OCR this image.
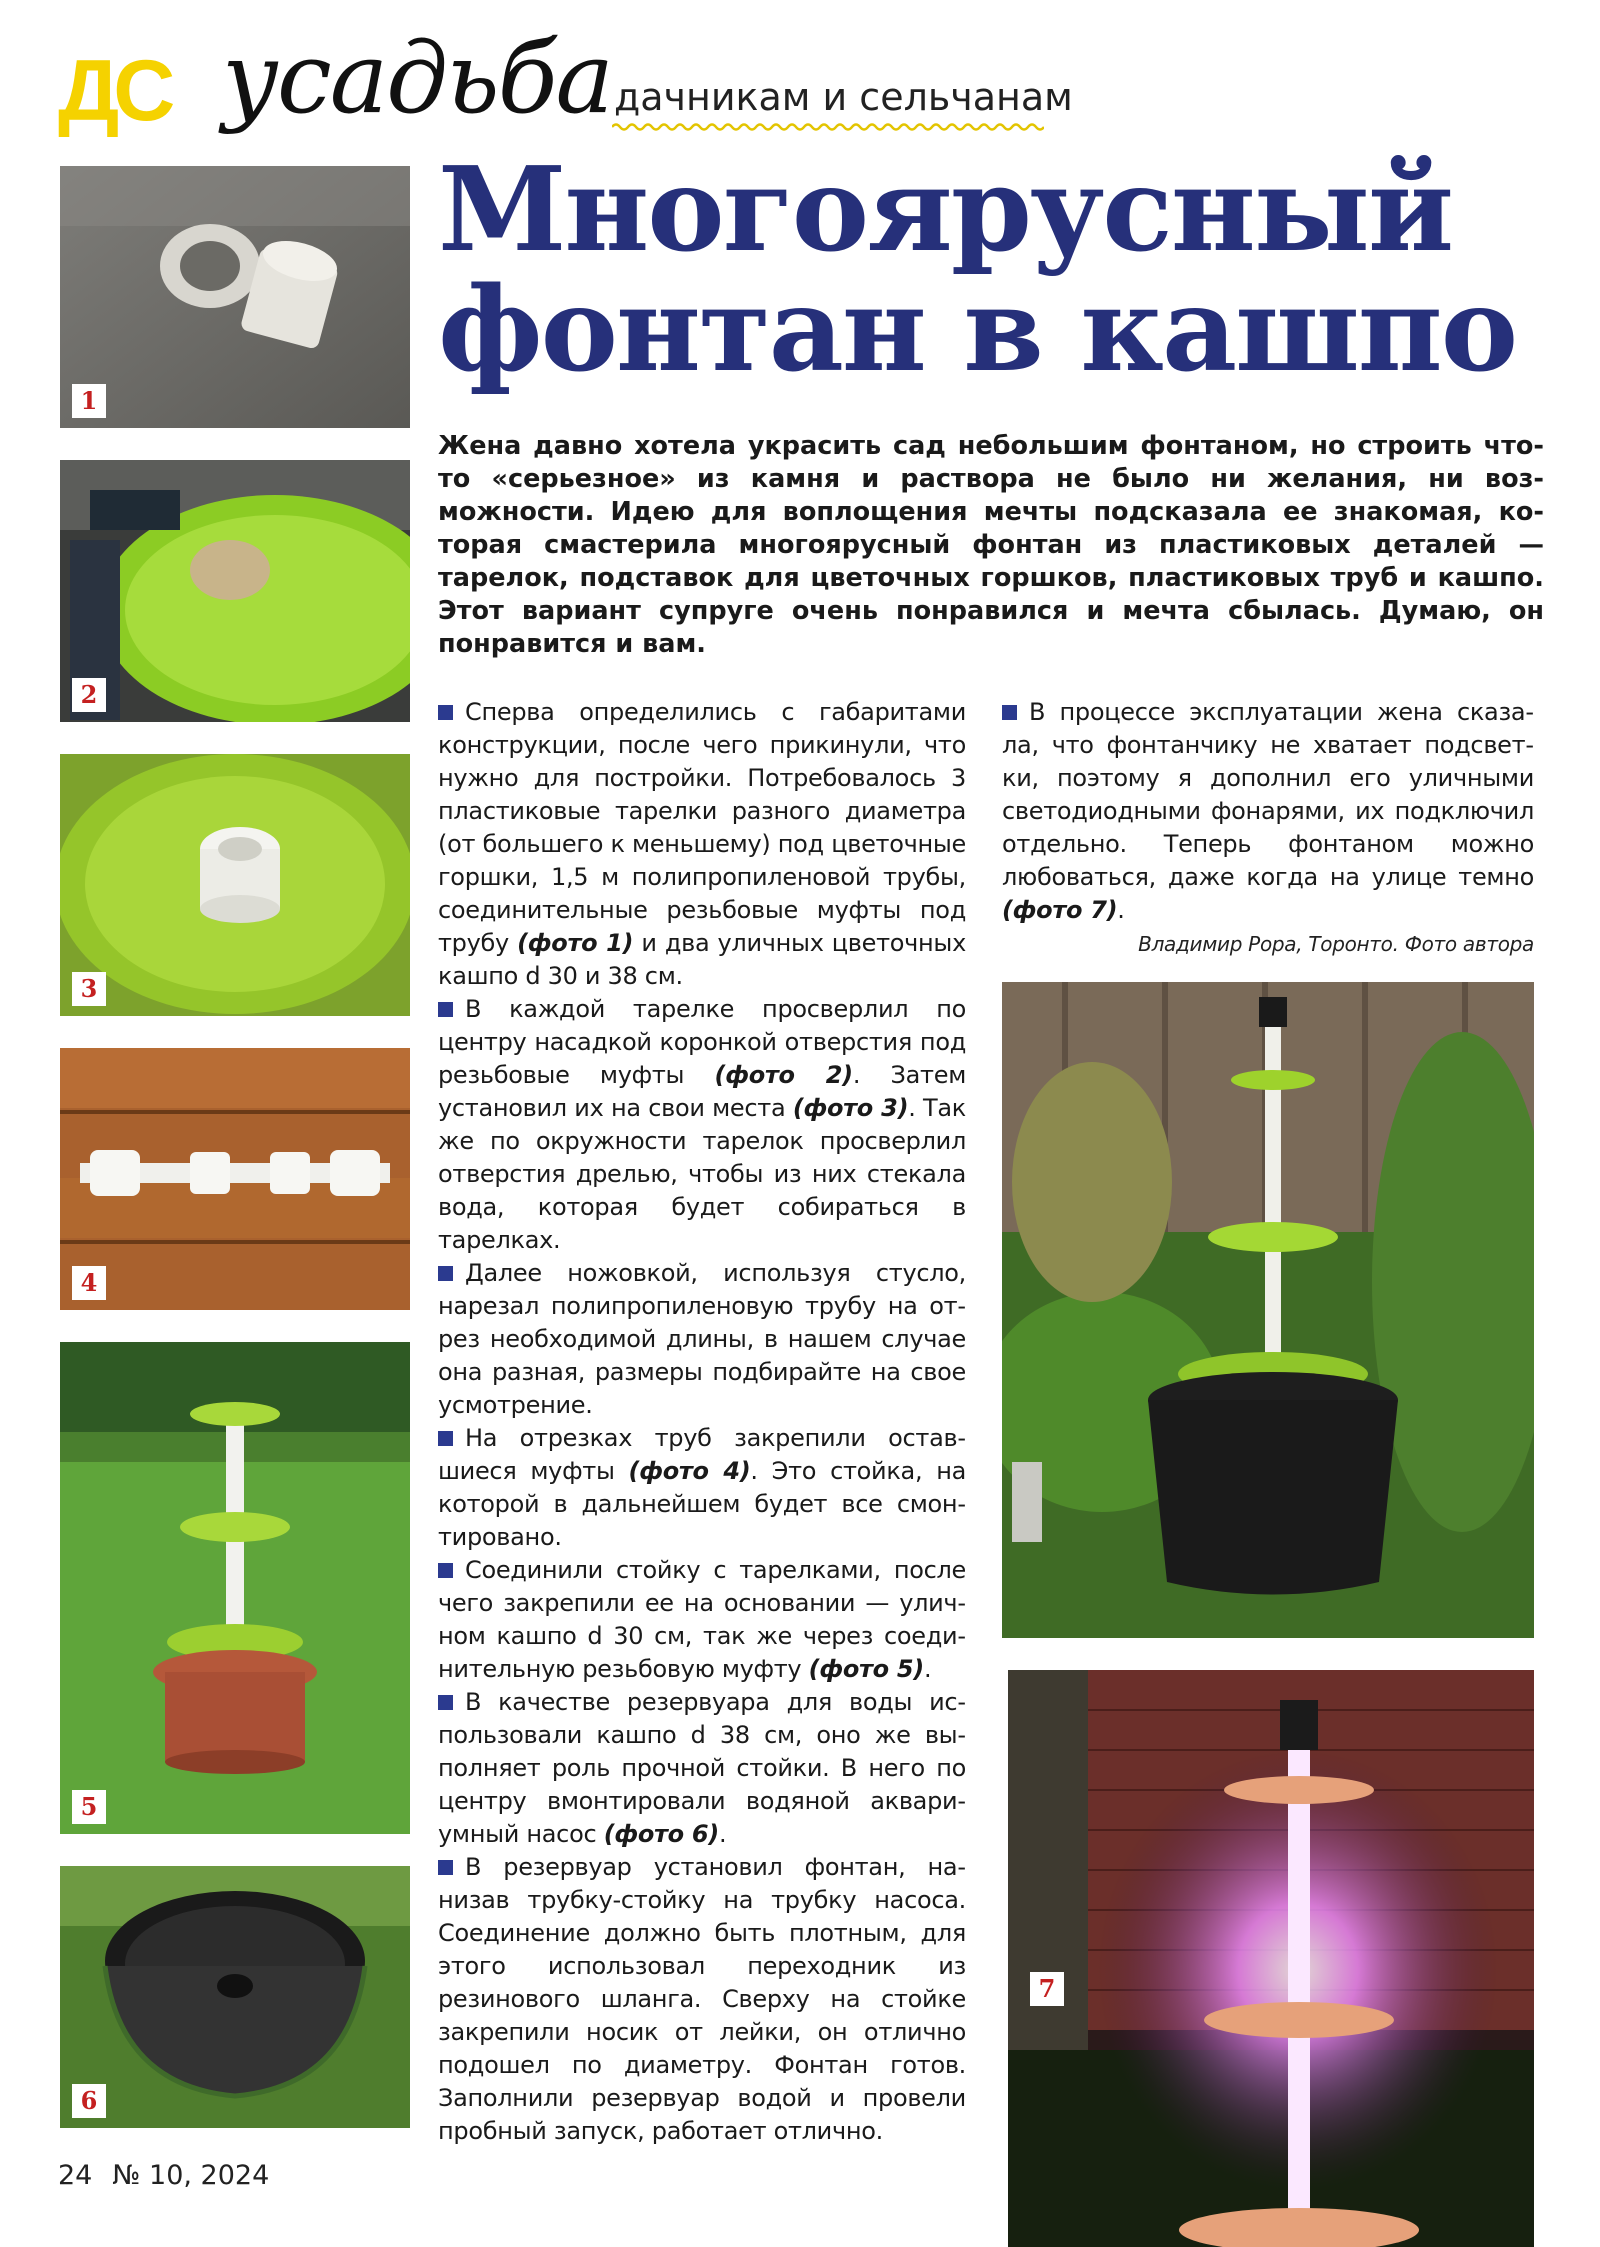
ДС усадьба дачникам и сельчанам
Многоярусный
фонтан в кашпо
Жена давно хотела украсить сад небольшим фонтаном, но строить что-то «серьезное» из камня и раствора не было ни желания, ни возможности. Идею для воплощения мечты подсказала ее знакомая, которая смастерила многоярусный фонтан из пластиковых деталей — тарелок, подставок для цветочных горшков, пластиковых труб и кашпо. Этот вариант супруге очень понравился и мечта сбылась. Думаю, он понравится и вам.

Сперва определились с габаритами конструкции, после чего прикинули, что нужно для постройки. Потребовалось 3 пластиковые тарелки разного диаметра (от большего к меньшему) под цветочные горшки, 1,5 м полипропиленовой трубы, соединительные резьбовые муфты под трубу (фото 1) и два уличных цветочных кашпо d 30 и 38 см.

В каждой тарелке просверлил по центру насадкой коронкой отверстия под резьбовые муфты (фото 2). Затем установил их на свои места (фото 3). Так же по окружности тарелок просверлил отверстия дрелью, чтобы из них стекала вода, которая будет собираться в тарелках.

Далее ножовкой, используя стусло, нарезал полипропиленовую трубу на отрез необходимой длины, в нашем случае она разная, размеры подбирайте на свое усмотрение.

На отрезках труб закрепили оставшиеся муфты (фото 4). Это стойка, на которой в дальнейшем будет все смонтировано.

Соединили стойку с тарелками, после чего закрепили ее на основании — уличном кашпо d 30 см, так же через соединительную резьбовую муфту (фото 5).

В качестве резервуара для воды использовали кашпо d 38 см, оно же выполняет роль прочной стойки. В него по центру вмонтировали водяной аквариумный насос (фото 6).

В резервуар установил фонтан, нанизав трубку-стойку на трубку насоса. Соединение должно быть плотным, для этого использовал переходник из резинового шланга. Сверху на стойке закрепили носик от лейки, он отлично подошел по диаметру. Фонтан готов. Заполнили резервуар водой и провели пробный запуск, работает отлично.

В процессе эксплуатации жена сказала, что фонтанчику не хватает подсветки, поэтому я дополнил его уличными светодиодными фонарями, их подключил отдельно. Теперь фонтаном можно любоваться, даже когда на улице темно (фото 7).

Владимир Рора, Торонто. Фото автора
1
2
3
4
5
6
7
24 № 10, 2024
